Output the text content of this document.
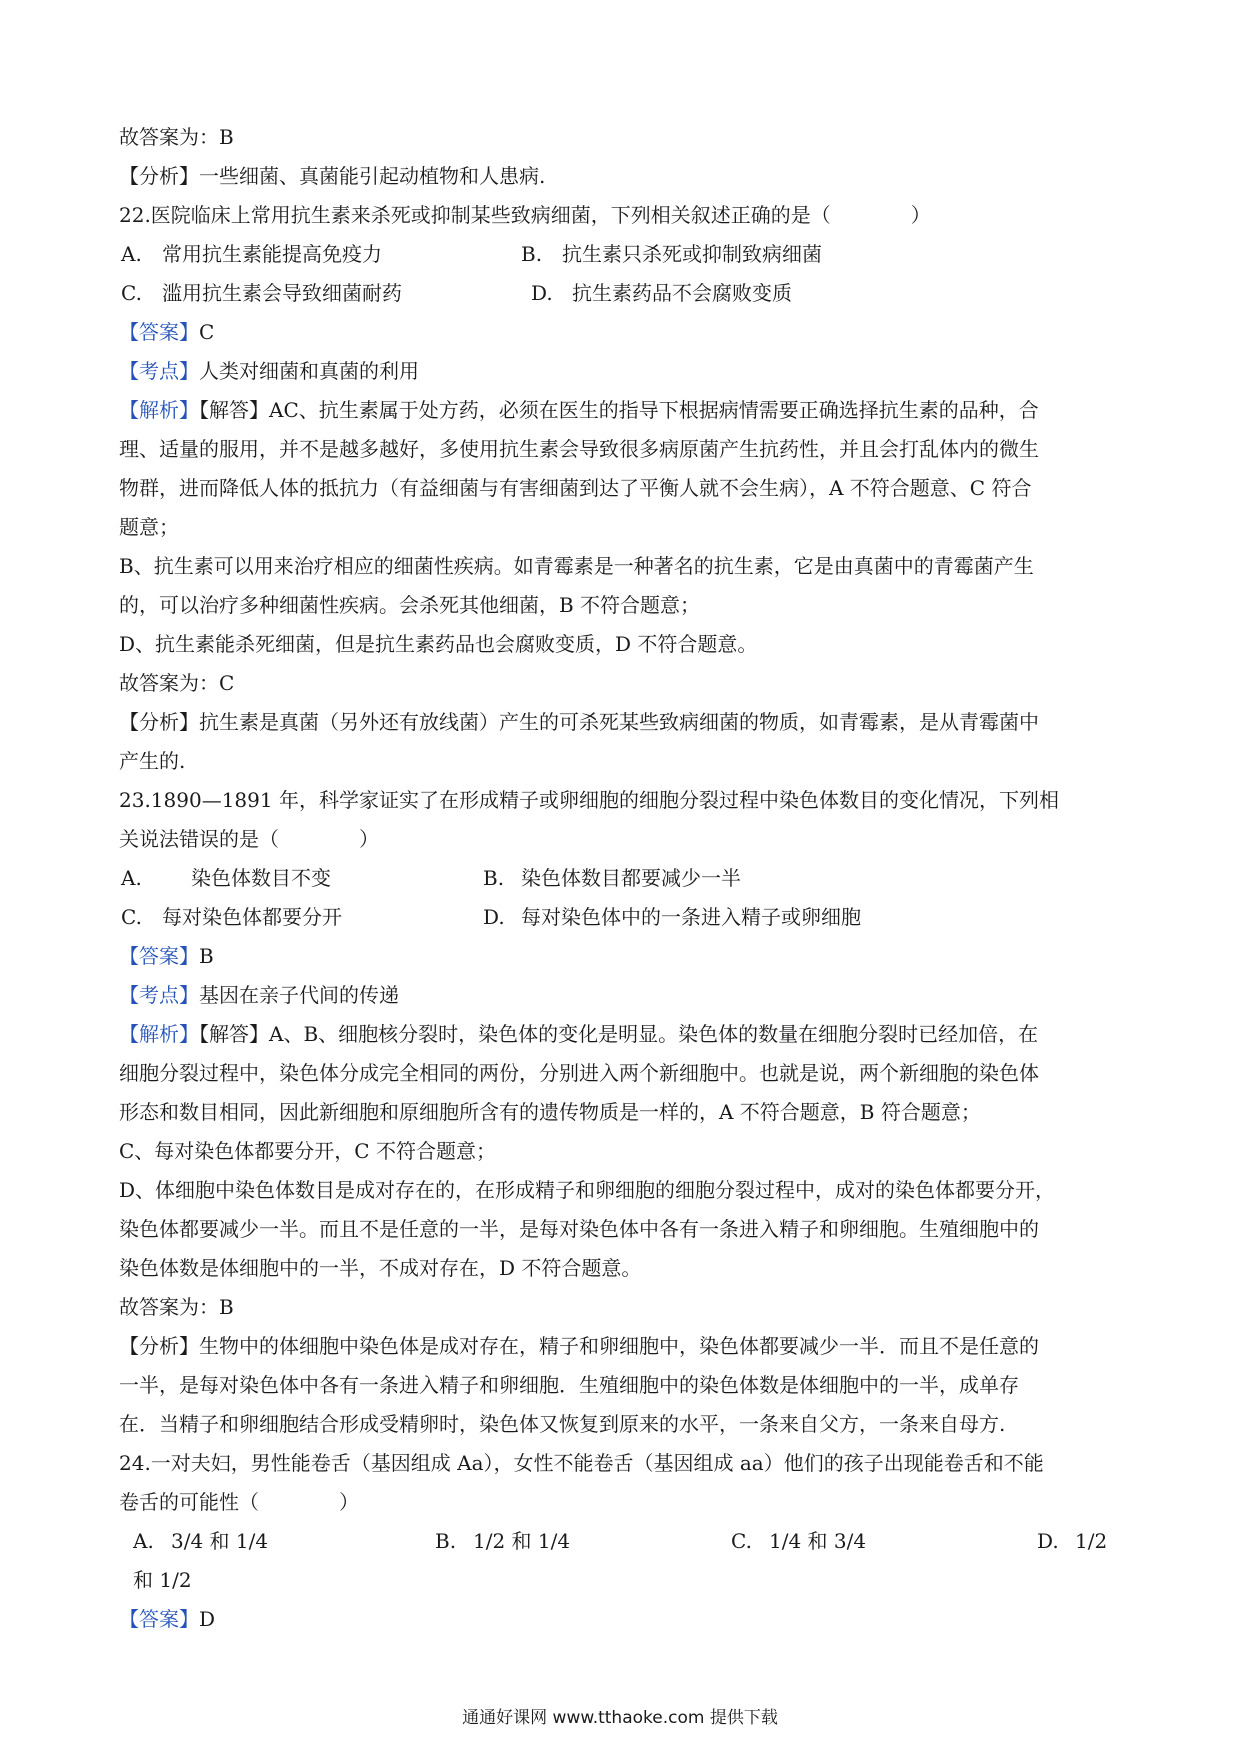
故答案为：B
【分析】一些细菌、真菌能引起动植物和人患病.
22.医院临床上常用抗生素来杀死或抑制某些致病细菌，下列相关叙述正确的是（　　　　）
A. 常用抗生素能提高免疫力	B. 抗生素只杀死或抑制致病细菌
C. 滥用抗生素会导致细菌耐药	D. 抗生素药品不会腐败变质
【答案】C
【考点】人类对细菌和真菌的利用
【解析】【解答】AC、抗生素属于处方药，必须在医生的指导下根据病情需要正确选择抗生素的品种，合
理、适量的服用，并不是越多越好，多使用抗生素会导致很多病原菌产生抗药性，并且会打乱体内的微生
物群，进而降低人体的抵抗力（有益细菌与有害细菌到达了平衡人就不会生病），A 不符合题意、C 符合
题意；
B、抗生素可以用来治疗相应的细菌性疾病。如青霉素是一种著名的抗生素，它是由真菌中的青霉菌产生
的，可以治疗多种细菌性疾病。会杀死其他细菌，B 不符合题意；
D、抗生素能杀死细菌，但是抗生素药品也会腐败变质，D 不符合题意。
故答案为：C
【分析】抗生素是真菌（另外还有放线菌）产生的可杀死某些致病细菌的物质，如青霉素，是从青霉菌中
产生的.
23.1890—1891 年，科学家证实了在形成精子或卵细胞的细胞分裂过程中染色体数目的变化情况，下列相
关说法错误的是（　　　　）
A. 染色体数目不变	B. 染色体数目都要减少一半
C. 每对染色体都要分开	D. 每对染色体中的一条进入精子或卵细胞
【答案】B
【考点】基因在亲子代间的传递
【解析】【解答】A、B、细胞核分裂时，染色体的变化是明显。染色体的数量在细胞分裂时已经加倍，在
细胞分裂过程中，染色体分成完全相同的两份，分别进入两个新细胞中。也就是说，两个新细胞的染色体
形态和数目相同，因此新细胞和原细胞所含有的遗传物质是一样的，A 不符合题意，B 符合题意；
C、每对染色体都要分开，C 不符合题意；
D、体细胞中染色体数目是成对存在的，在形成精子和卵细胞的细胞分裂过程中，成对的染色体都要分开，
染色体都要减少一半。而且不是任意的一半，是每对染色体中各有一条进入精子和卵细胞。生殖细胞中的
染色体数是体细胞中的一半，不成对存在，D 不符合题意。
故答案为：B
【分析】生物中的体细胞中染色体是成对存在，精子和卵细胞中，染色体都要减少一半．而且不是任意的
一半，是每对染色体中各有一条进入精子和卵细胞．生殖细胞中的染色体数是体细胞中的一半，成单存
在．当精子和卵细胞结合形成受精卵时，染色体又恢复到原来的水平，一条来自父方，一条来自母方.
24.一对夫妇，男性能卷舌（基因组成 Aa），女性不能卷舌（基因组成 aa）他们的孩子出现能卷舌和不能
卷舌的可能性（　　　　）
A. 3/4 和 1/4	B. 1/2 和 1/4	C. 1/4 和 3/4	D. 1/2
和 1/2
【答案】D
通通好课网 www.tthaoke.com 提供下载
